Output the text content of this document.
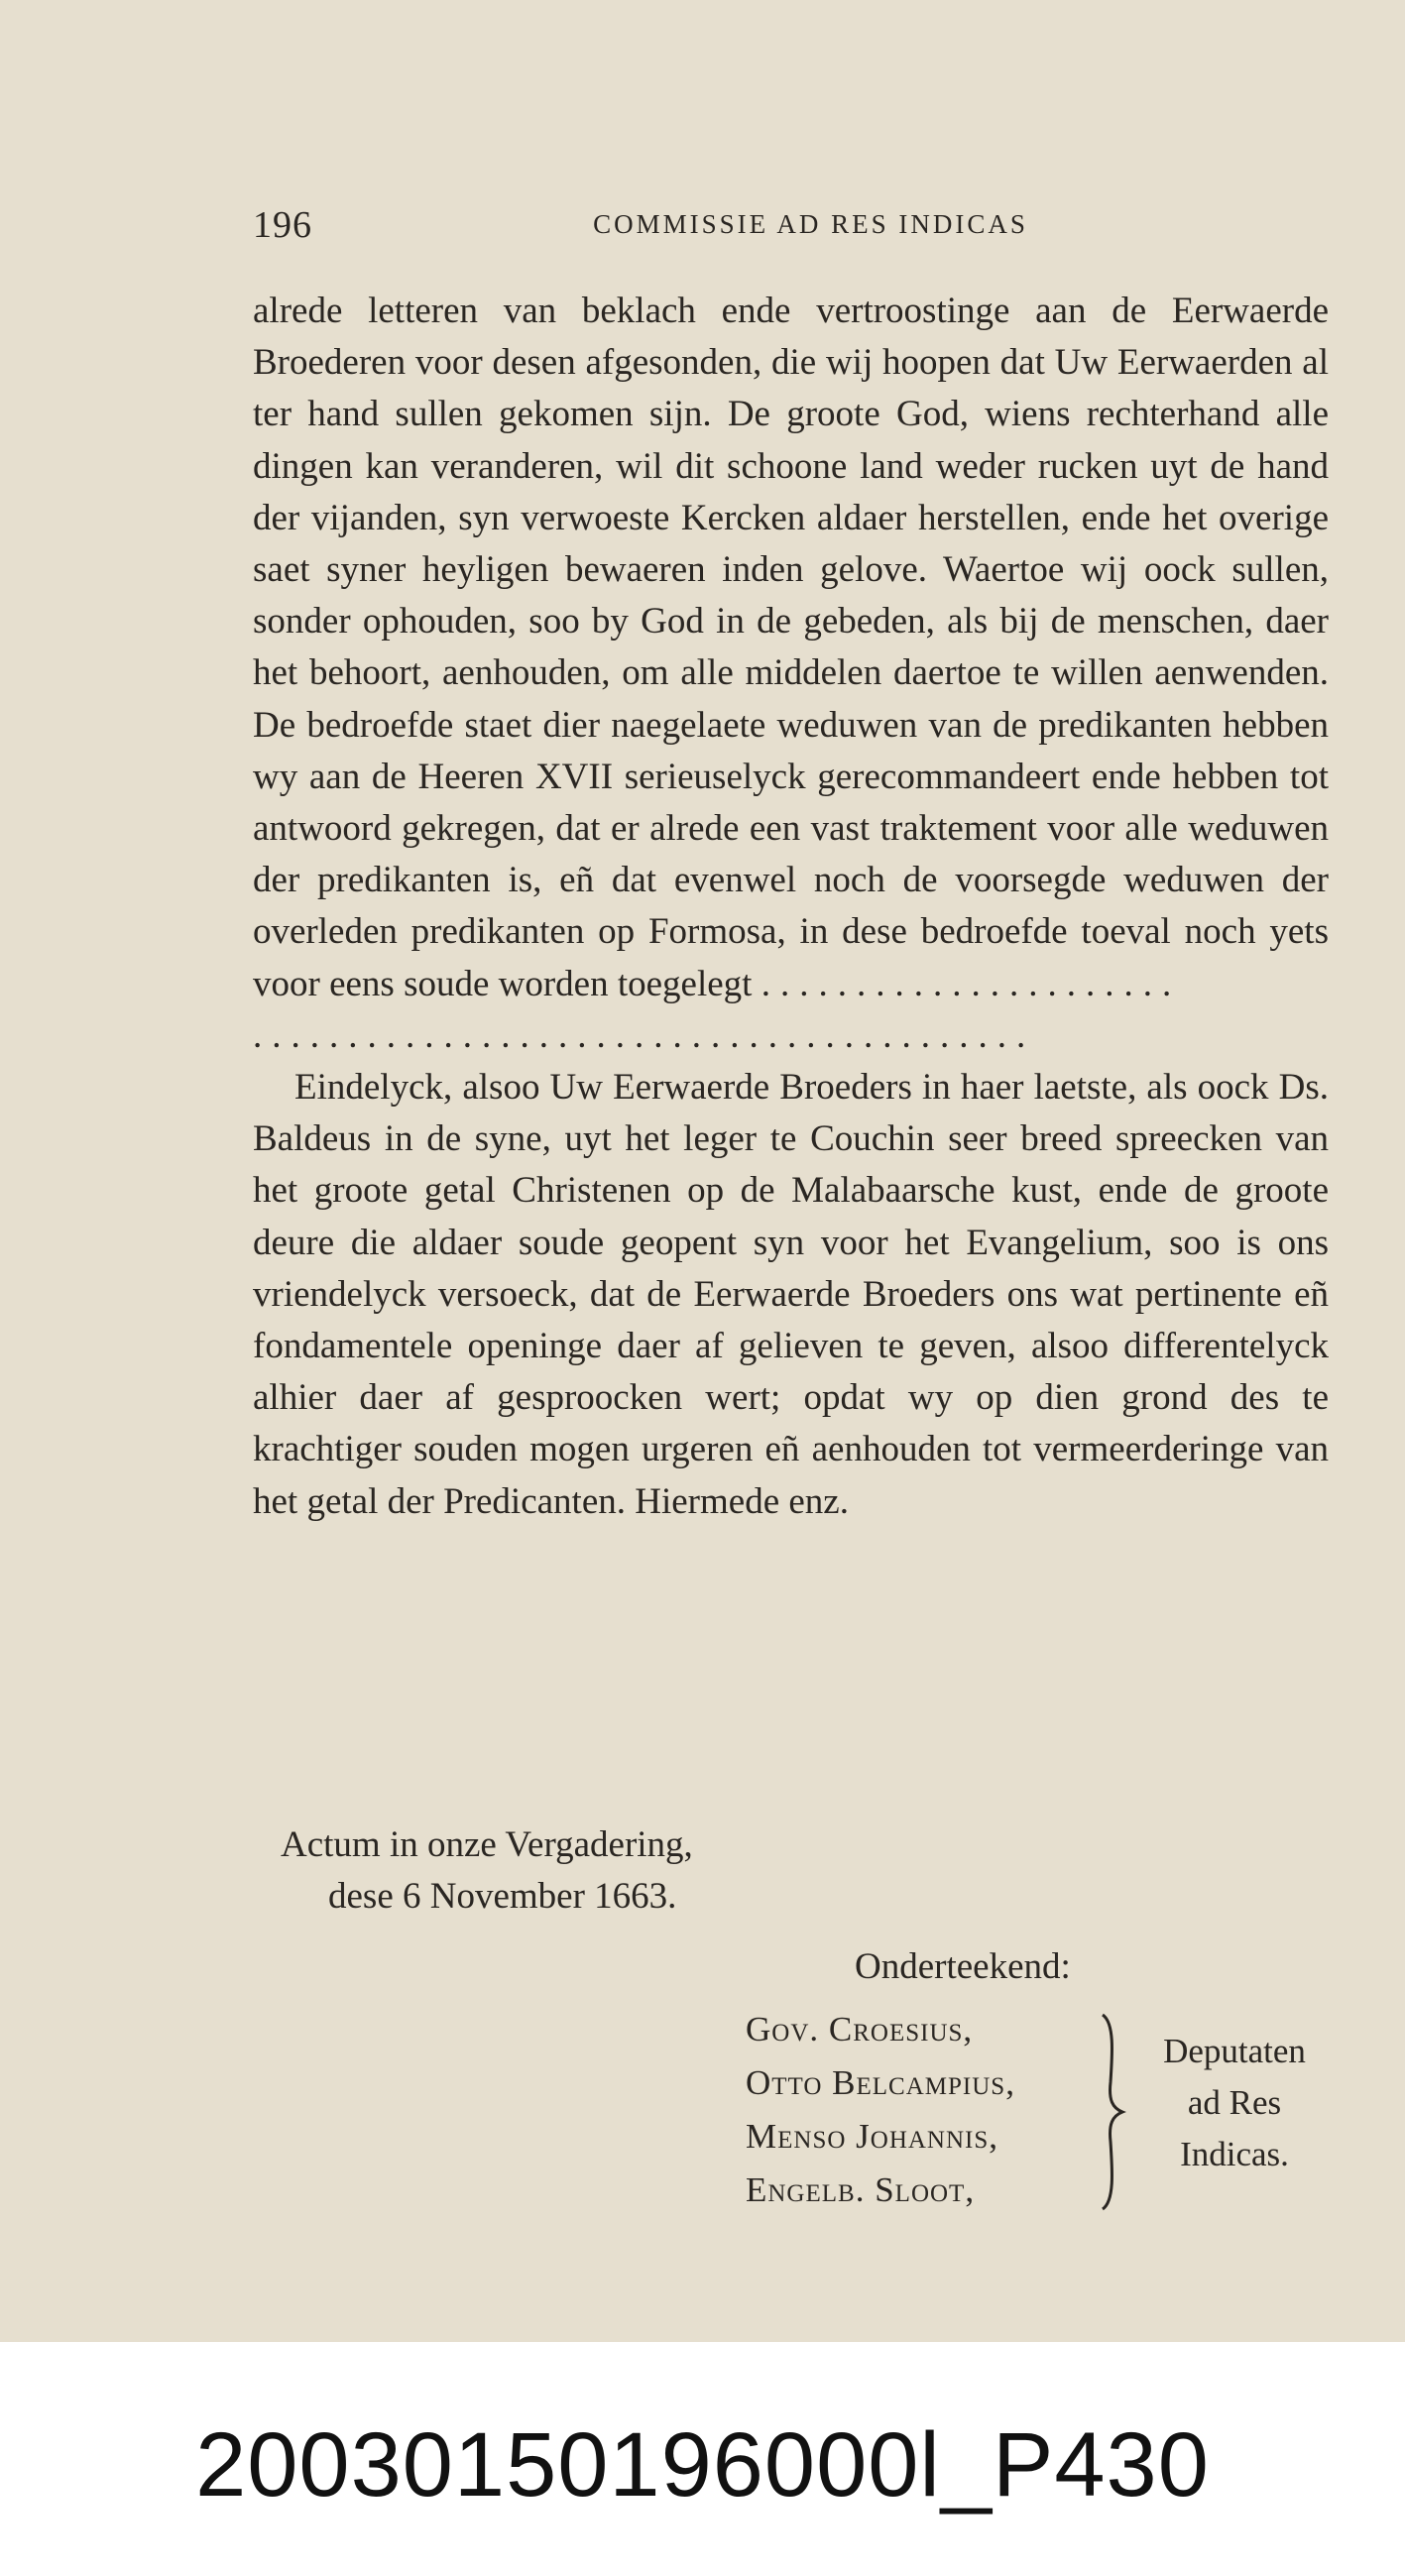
196	COMMISSIE AD RES INDICAS

alrede letteren van beklach ende vertroostinge aan de Eerwaerde Broederen voor desen afgesonden, die wij hoopen dat Uw Eerwaerden al ter hand sullen gekomen sijn. De groote God, wiens rechterhand alle dingen kan veranderen, wil dit schoone land weder rucken uyt de hand der vijanden, syn verwoeste Kercken aldaer herstellen, ende het overige saet syner heyligen bewaeren inden gelove. Waertoe wij oock sullen, sonder ophouden, soo by God in de gebeden, als bij de menschen, daer het behoort, aenhouden, om alle middelen daertoe te willen aenwenden. De bedroefde staet dier naegelaete weduwen van de predikanten hebben wy aan de Heeren XVII serieuselyck gerecommandeert ende hebben tot antwoord gekregen, dat er alrede een vast traktement voor alle weduwen der predikanten is, eñ dat evenwel noch de voorsegde weduwen der overleden predikanten op Formosa, in dese bedroefde toeval noch yets voor eens soude worden toegelegt ......................

.........................................

Eindelyck, alsoo Uw Eerwaerde Broeders in haer laetste, als oock Ds. Baldeus in de syne, uyt het leger te Couchin seer breed spreecken van het groote getal Christenen op de Malabaarsche kust, ende de groote deure die aldaer soude geopent syn voor het Evangelium, soo is ons vriendelyck versoeck, dat de Eerwaerde Broeders ons wat pertinente eñ fondamentele openinge daer af gelieven te geven, alsoo differentelyck alhier daer af gesproocken wert; opdat wy op dien grond des te krachtiger souden mogen urgeren eñ aenhouden tot vermeerderinge van het getal der Predicanten. Hiermede enz.

Actum in onze Vergadering,
dese 6 November 1663.
Onderteekend:
Gov. Croesius,
Otto Belcampius,
Menso Johannis,
Engelb. Sloot,
Deputaten
ad Res
Indicas.
20030150196000l_P430
